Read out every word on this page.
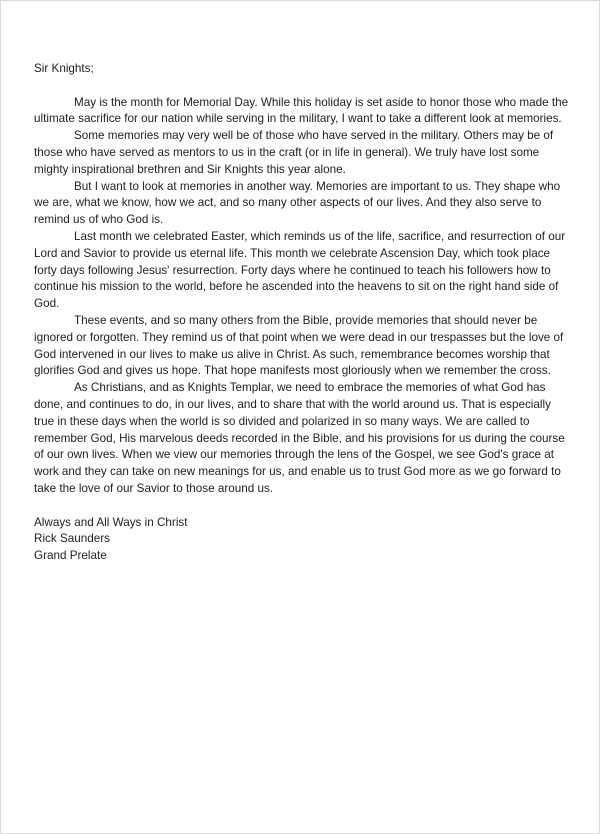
Sir Knights;

May is the month for Memorial Day. While this holiday is set aside to honor those who made the ultimate sacrifice for our nation while serving in the military, I want to take a different look at memories.

Some memories may very well be of those who have served in the military. Others may be of those who have served as mentors to us in the craft (or in life in general). We truly have lost some mighty inspirational brethren and Sir Knights this year alone.

But I want to look at memories in another way. Memories are important to us. They shape who we are, what we know, how we act, and so many other aspects of our lives. And they also serve to remind us of who God is.

Last month we celebrated Easter, which reminds us of the life, sacrifice, and resurrection of our Lord and Savior to provide us eternal life. This month we celebrate Ascension Day, which took place forty days following Jesus' resurrection. Forty days where he continued to teach his followers how to continue his mission to the world, before he ascended into the heavens to sit on the right hand side of God.

These events, and so many others from the Bible, provide memories that should never be ignored or forgotten. They remind us of that point when we were dead in our trespasses but the love of God intervened in our lives to make us alive in Christ. As such, remembrance becomes worship that glorifies God and gives us hope. That hope manifests most gloriously when we remember the cross.

As Christians, and as Knights Templar, we need to embrace the memories of what God has done, and continues to do, in our lives, and to share that with the world around us. That is especially true in these days when the world is so divided and polarized in so many ways. We are called to remember God, His marvelous deeds recorded in the Bible, and his provisions for us during the course of our own lives. When we view our memories through the lens of the Gospel, we see God's grace at work and they can take on new meanings for us, and enable us to trust God more as we go forward to take the love of our Savior to those around us.

Always and All Ways in Christ
Rick Saunders
Grand Prelate
